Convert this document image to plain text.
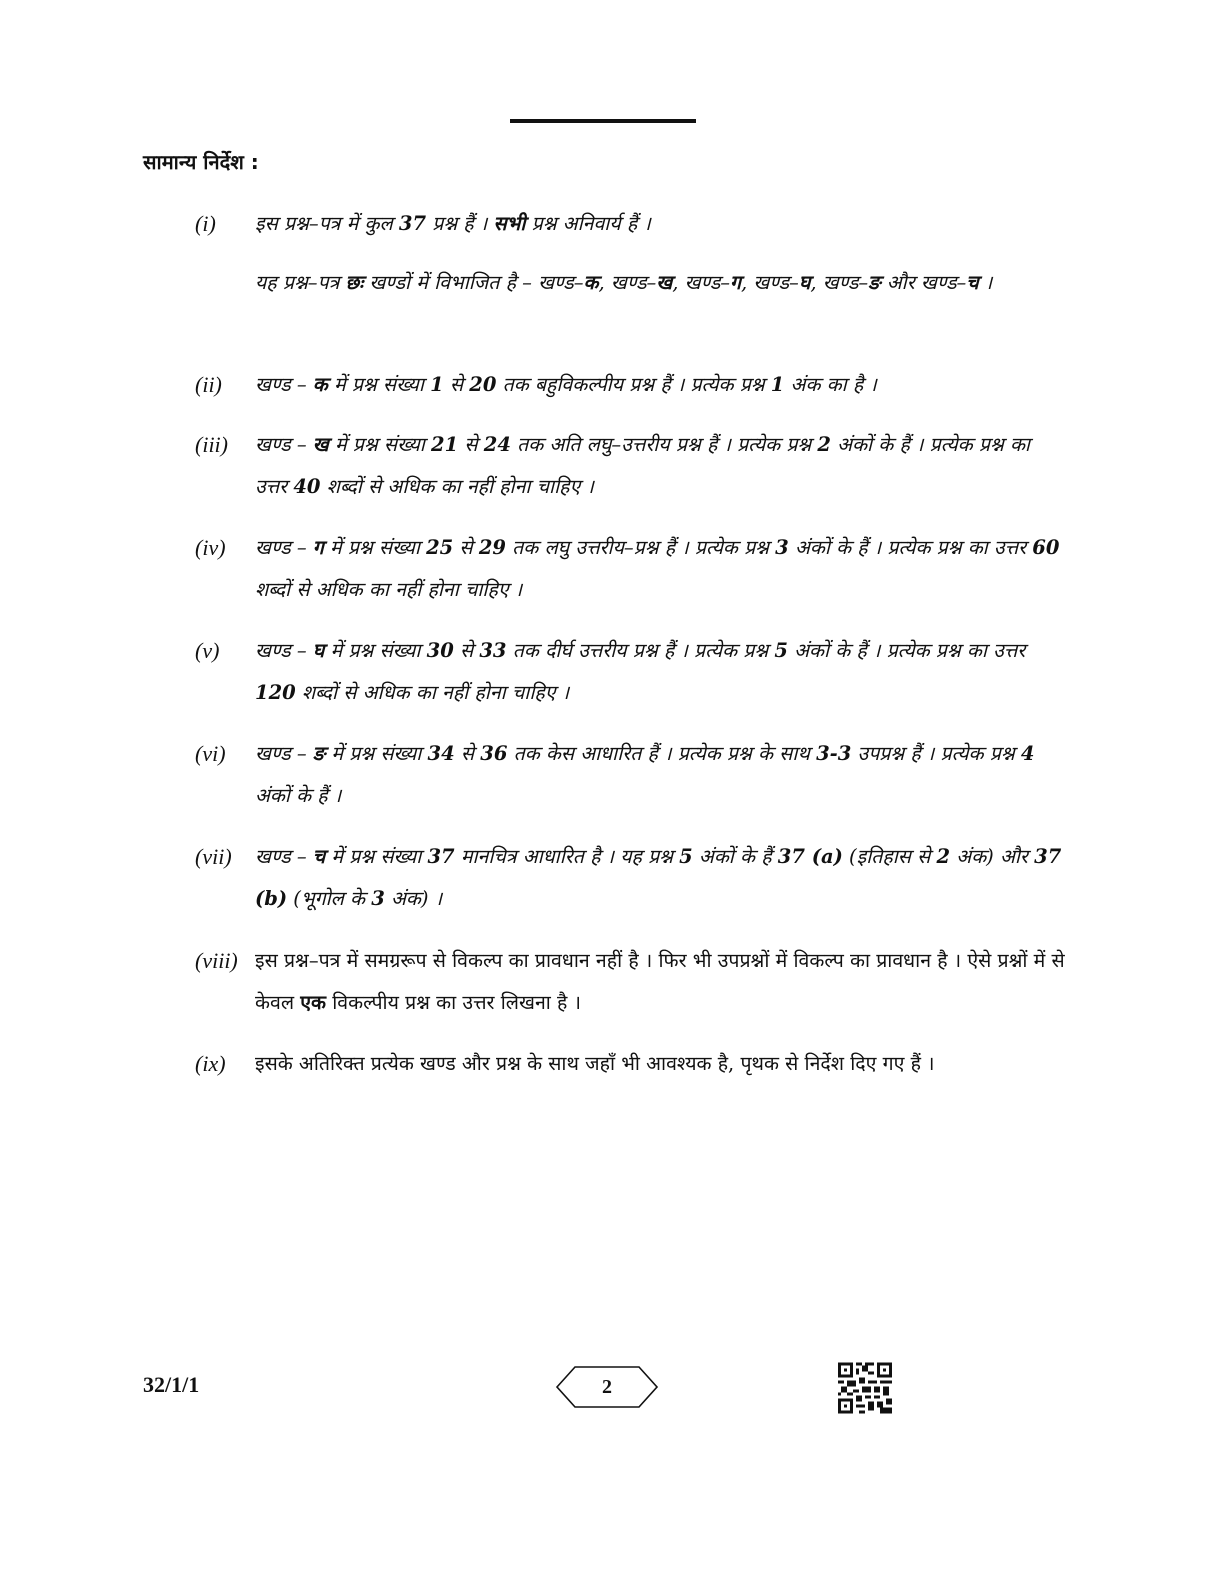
सामान्य निर्देश :
(i)	इस प्रश्न–पत्र में कुल 37 प्रश्न हैं । सभी प्रश्न अनिवार्य हैं ।
यह प्रश्न–पत्र छः खण्डों में विभाजित है – खण्ड–क, खण्ड–ख, खण्ड–ग, खण्ड–घ, खण्ड–ङ और खण्ड–च ।
(ii)	खण्ड – क में प्रश्न संख्या 1 से 20 तक बहुविकल्पीय प्रश्न हैं । प्रत्येक प्रश्न 1 अंक का है ।
(iii)	खण्ड – ख में प्रश्न संख्या 21 से 24 तक अति लघु–उत्तरीय प्रश्न हैं । प्रत्येक प्रश्न 2 अंकों के हैं । प्रत्येक प्रश्न का उत्तर 40 शब्दों से अधिक का नहीं होना चाहिए ।
(iv)	खण्ड – ग में प्रश्न संख्या 25 से 29 तक लघु उत्तरीय–प्रश्न हैं । प्रत्येक प्रश्न 3 अंकों के हैं । प्रत्येक प्रश्न का उत्तर 60 शब्दों से अधिक का नहीं होना चाहिए ।
(v)	खण्ड – घ में प्रश्न संख्या 30 से 33 तक दीर्घ उत्तरीय प्रश्न हैं । प्रत्येक प्रश्न 5 अंकों के हैं । प्रत्येक प्रश्न का उत्तर 120 शब्दों से अधिक का नहीं होना चाहिए ।
(vi)	खण्ड – ङ में प्रश्न संख्या 34 से 36 तक केस आधारित हैं । प्रत्येक प्रश्न के साथ 3-3 उपप्रश्न हैं । प्रत्येक प्रश्न 4 अंकों के हैं ।
(vii)	खण्ड – च में प्रश्न संख्या 37 मानचित्र आधारित है । यह प्रश्न 5 अंकों के हैं 37 (a) (इतिहास से 2 अंक) और 37 (b) (भूगोल के 3 अंक) ।
(viii) इस प्रश्न–पत्र में समग्ररूप से विकल्प का प्रावधान नहीं है । फिर भी उपप्रश्नों में विकल्प का प्रावधान है । ऐसे प्रश्नों में से केवल एक विकल्पीय प्रश्न का उत्तर लिखना है ।
(ix)	इसके अतिरिक्त प्रत्येक खण्ड और प्रश्न के साथ जहाँ भी आवश्यक है, पृथक से निर्देश दिए गए हैं ।
32/1/1	2
